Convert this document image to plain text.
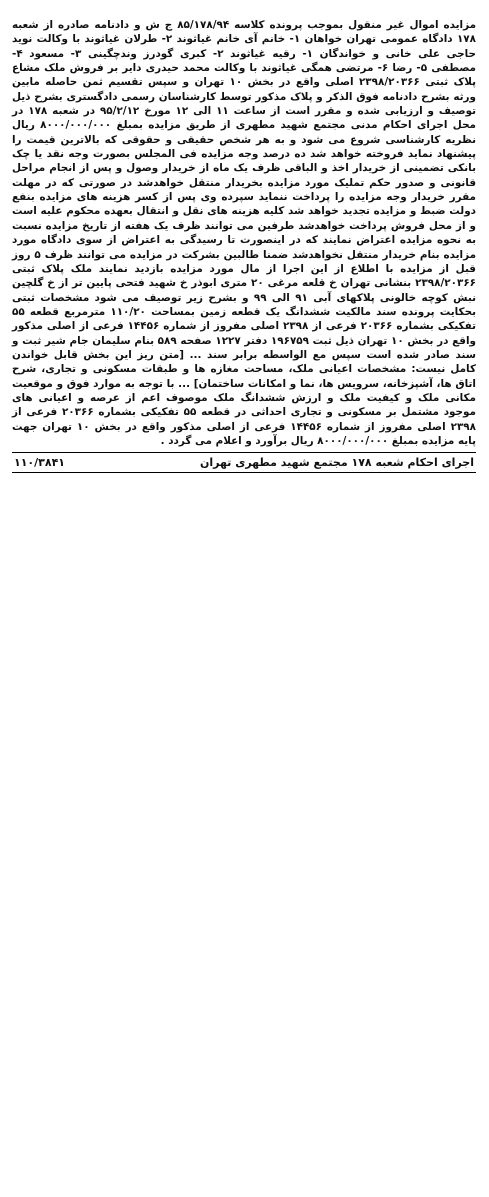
مزایده اموال غیر منقول بموجب پرونده کلاسه ۸۵/۱۷۸/۹۴ ج ش و دادنامه صادره از شعبه ۱۷۸ دادگاه عمومی تهران خواهان ۱- خانم آی خانم غیاثوند ۲- طرلان غیاثوند با وکالت نوید حاجی علی خانی و خواندگان ۱- رقیه غیاثوند ۲- کبری گودرز وندچگینی ۳- مسعود ۴- مصطفی ۵- رضا ۶- مرتضی همگی غیاثوند با وکالت محمد حیدری دایر بر فروش ملک مشاع پلاک ثبتی ۲۳۹۸/۲۰۳۶۶ اصلی واقع در بخش ۱۰ تهران و سپس تقسیم ثمن حاصله مابین ورثه بشرح دادنامه فوق الذکر و پلاک مذکور توسط کارشناسان رسمی دادگستری بشرح ذیل توصیف و ارزیابی شده و مقرر است از ساعت ۱۱ الی ۱۲ مورخ ۹۵/۲/۱۲ در شعبه ۱۷۸ در محل اجرای احکام مدنی مجتمع شهید مطهری از طریق مزایده بمبلغ ۸۰۰۰/۰۰۰/۰۰۰ ریال نظریه کارشناسی شروع می شود و به هر شخص حقیقی و حقوقی که بالاترین قیمت را پیشنهاد نماید فروخته خواهد شد ده درصد وجه مزایده فی المجلس بصورت وجه نقد یا چک بانکی تضمینی از خریدار اخذ و الباقی ظرف یک ماه از خریدار وصول و پس از انجام مراحل قانونی و صدور حکم تملیک مورد مزایده بخریدار منتقل خواهدشد در صورتی که در مهلت مقرر خریدار وجه مزایده را پرداخت ننماید سپرده وی پس از کسر هزینه های مزایده بنفع دولت ضبط و مزایده تجدید خواهد شد کلیه هزینه های نقل و انتقال بعهده محکوم علیه است و از محل فروش پرداخت خواهدشد طرفین می توانند ظرف یک هفته از تاریخ مزایده نسبت به نحوه مزایده اعتراض نمایند که در اینصورت تا رسیدگی به اعتراض از سوی دادگاه مورد مزایده بنام خریدار منتقل نخواهدشد ضمنا طالبین بشرکت در مزایده می توانند ظرف ۵ روز قبل از مزایده با اطلاع از این اجرا از مال مورد مزایده بازدید نمایند ملک پلاک ثبتی ۲۳۹۸/۲۰۳۶۶ بنشانی تهران خ قلعه مرغی ۲۰ متری ابوذر خ شهید فتحی پایین تر از خ گلچین نبش کوچه خالونی پلاکهای آبی ۹۱ الی ۹۹ و بشرح زیر توصیف می شود مشخصات ثبتی بحکایت پرونده سند مالکیت ششدانگ یک قطعه زمین بمساحت ۱۱۰/۲۰ مترمربع قطعه ۵۵ تفکیکی بشماره ۲۰۳۶۶ فرعی از ۲۳۹۸ اصلی مفروز از شماره ۱۴۴۵۶ فرعی از اصلی مذکور واقع در بخش ۱۰ تهران ذیل ثبت ۱۹۶۷۵۹ دفتر ۱۲۲۷ صفحه ۵۸۹ بنام سلیمان جام شیر ثبت و سند صادر شده است سپس مع الواسطه برابر سند ... [متن ریز این بخش قابل خواندن کامل نیست: مشخصات اعیانی ملک، مساحت مغازه ها و طبقات مسکونی و تجاری، شرح اتاق ها، آشپزخانه، سرویس ها، نما و امکانات ساختمان] ... با توجه به موارد فوق و موقعیت مکانی ملک و کیفیت ملک و ارزش ششدانگ ملک موصوف اعم از عرصه و اعیانی های موجود مشتمل بر مسکونی و تجاری احداثی در قطعه ۵۵ تفکیکی بشماره ۲۰۳۶۶ فرعی از ۲۳۹۸ اصلی مفروز از شماره ۱۴۴۵۶ فرعی از اصلی مذکور واقع در بخش ۱۰ تهران جهت پایه مزایده بمبلغ ۸۰۰۰/۰۰۰/۰۰۰ ریال برآورد و اعلام می گردد .

اجرای احکام شعبه ۱۷۸ مجتمع شهید مطهری تهران
۱۱۰/۳۸۴۱
